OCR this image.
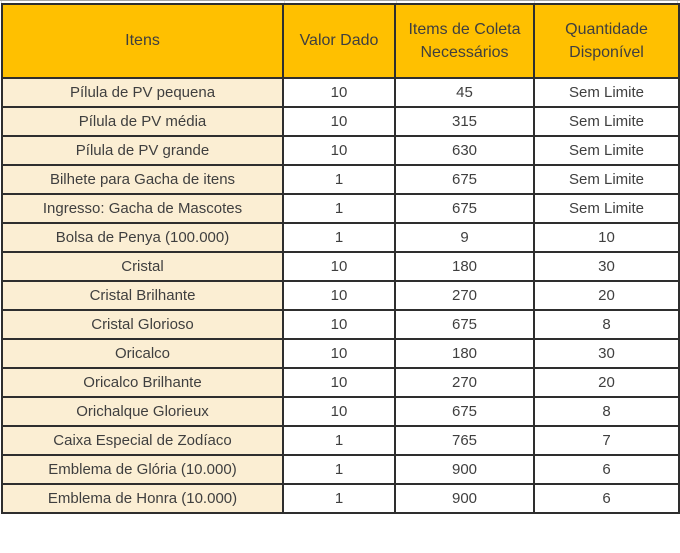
Itens	Valor Dado	Items de Coleta Necessários	Quantidade Disponível
Pílula de PV pequena	10	45	Sem Limite
Pílula de PV média	10	315	Sem Limite
Pílula de PV grande	10	630	Sem Limite
Bilhete para Gacha de itens	1	675	Sem Limite
Ingresso: Gacha de Mascotes	1	675	Sem Limite
Bolsa de Penya (100.000)	1	9	10
Cristal	10	180	30
Cristal Brilhante	10	270	20
Cristal Glorioso	10	675	8
Oricalco	10	180	30
Oricalco Brilhante	10	270	20
Orichalque Glorieux	10	675	8
Caixa Especial de Zodíaco	1	765	7
Emblema de Glória (10.000)	1	900	6
Emblema de Honra (10.000)	1	900	6
